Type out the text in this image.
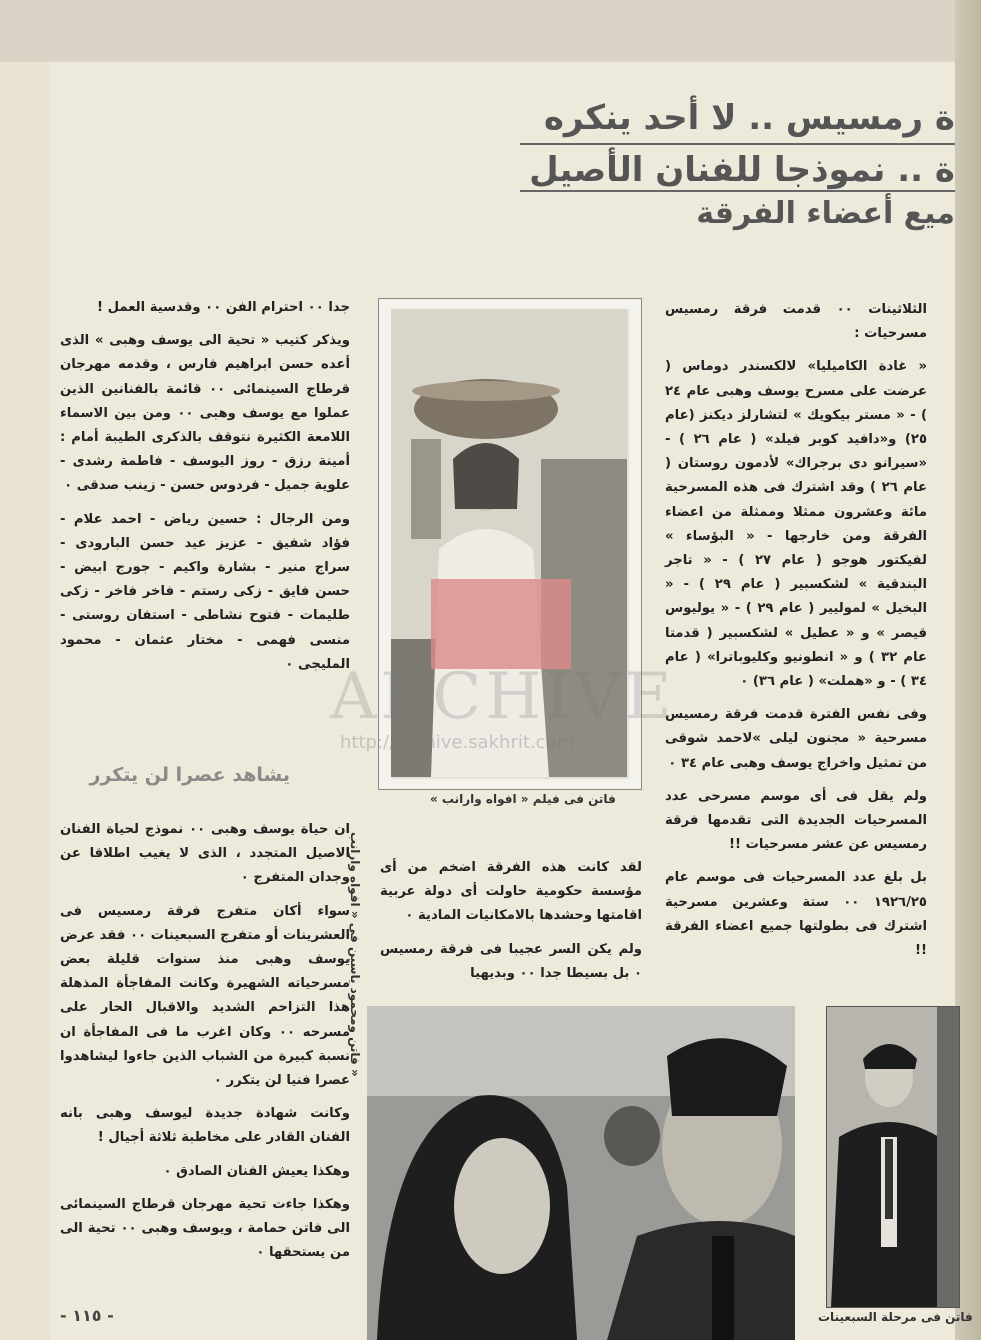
ة رمسيس .. لا أحد ينكره
ة .. نموذجا للفنان الأصيل
ميع أعضاء الفرقة

الثلاثينات ٠٠ قدمت فرقة رمسيس مسرحيات :

« غادة الكاميليا» لالكسندر دوماس ( عرضت على مسرح يوسف وهبى عام ٢٤ ) - « مستر بيكويك » لتشارلز ديكنز (عام ٢٥) و«دافيد كوبر فيلد» ( عام ٢٦ ) - «سيرانو دى برجراك» لأدمون روستان ( عام ٢٦ ) وقد اشترك فى هذه المسرحية مائة وعشرون ممثلا وممثلة من اعضاء الفرقة ومن خارجها - « البؤساء » لفيكتور هوجو ( عام ٢٧ ) - « تاجر البندقية » لشكسبير ( عام ٢٩ ) - « البخيل » لموليير ( عام ٢٩ ) - « يوليوس قيصر » و « عطيل » لشكسبير ( قدمتا عام ٣٢ ) و « انطونيو وكليوباترا» ( عام ٣٤ ) - و «هملت» ( عام ٣٦) ٠

وفى نفس الفترة قدمت فرقة رمسيس مسرحية « مجنون ليلى »لاحمد شوقى من تمثيل واخراج يوسف وهبى عام ٣٤ ٠

ولم يقل فى أى موسم مسرحى عدد المسرحيات الجديدة التى تقدمها فرقة رمسيس عن عشر مسرحيات !!

بل بلغ عدد المسرحيات فى موسم عام ١٩٢٦/٢٥ ٠٠ ستة وعشرين مسرحية اشترك فى بطولتها جميع اعضاء الفرقة !!

فاتن فى فيلم « افواه وارانب »

جدا ٠٠ احترام الفن ٠٠ وقدسية العمل !

ويذكر كتيب « تحية الى يوسف وهبى » الذى أعده حسن ابراهيم فارس ، وقدمه مهرجان قرطاج السينمائى ٠٠ قائمة بالفنانين الذين عملوا مع يوسف وهبى ٠٠ ومن بين الاسماء اللامعة الكثيرة نتوقف بالذكرى الطيبة أمام : أمينة رزق - روز اليوسف - فاطمة رشدى - علوية جميل - فردوس حسن - زينب صدقى ٠

ومن الرجال : حسين رياض - احمد علام - فؤاد شفيق - عزيز عيد حسن البارودى - سراج منير - بشارة واكيم - جورج ابيض - حسن فايق - زكى رستم - فاخر فاخر - زكى طليمات - فتوح نشاطى - استفان روستى - منسى فهمى - مختار عثمان - محمود المليجى ٠

يشاهد عصرا لن يتكرر

ان حياة يوسف وهبى ٠٠ نموذج لحياة الفنان الاصيل المتجدد ، الذى لا يغيب اطلاقا عن وجدان المتفرج ٠

سواء أكان متفرج فرقة رمسيس فى العشرينات أو متفرج السبعينات ٠٠ فقد عرض يوسف وهبى منذ سنوات قليلة بعض مسرحياته الشهيرة وكانت المفاجأة المذهلة هذا التزاحم الشديد والاقبال الحار على مسرحه ٠٠ وكان اغرب ما فى المفاجأة ان نسبة كبيرة من الشباب الذين جاءوا ليشاهدوا عصرا فنيا لن يتكرر ٠

وكانت شهادة جديدة ليوسف وهبى بانه الفنان القادر على مخاطبة ثلاثة أجيال !

وهكذا يعيش الفنان الصادق ٠

وهكذا جاءت تحية مهرجان قرطاج السينمائى الى فاتن حمامة ، ويوسف وهبى ٠٠ تحية الى من يستحقها ٠

فاتن ومحمود ياسين فى « افواه وارانب »

لقد كانت هذه الفرقة اضخم من أى مؤسسة حكومية حاولت أى دولة عربية اقامتها وحشدها بالامكانيات المادية ٠

ولم يكن السر عجيبا فى فرقة رمسيس ٠ بل بسيطا جدا ٠٠ وبديهيا

فاتن فى مرحلة السبعينات
- ١١٥ -
ARCHIVE
http://Archive.sakhrit.com
